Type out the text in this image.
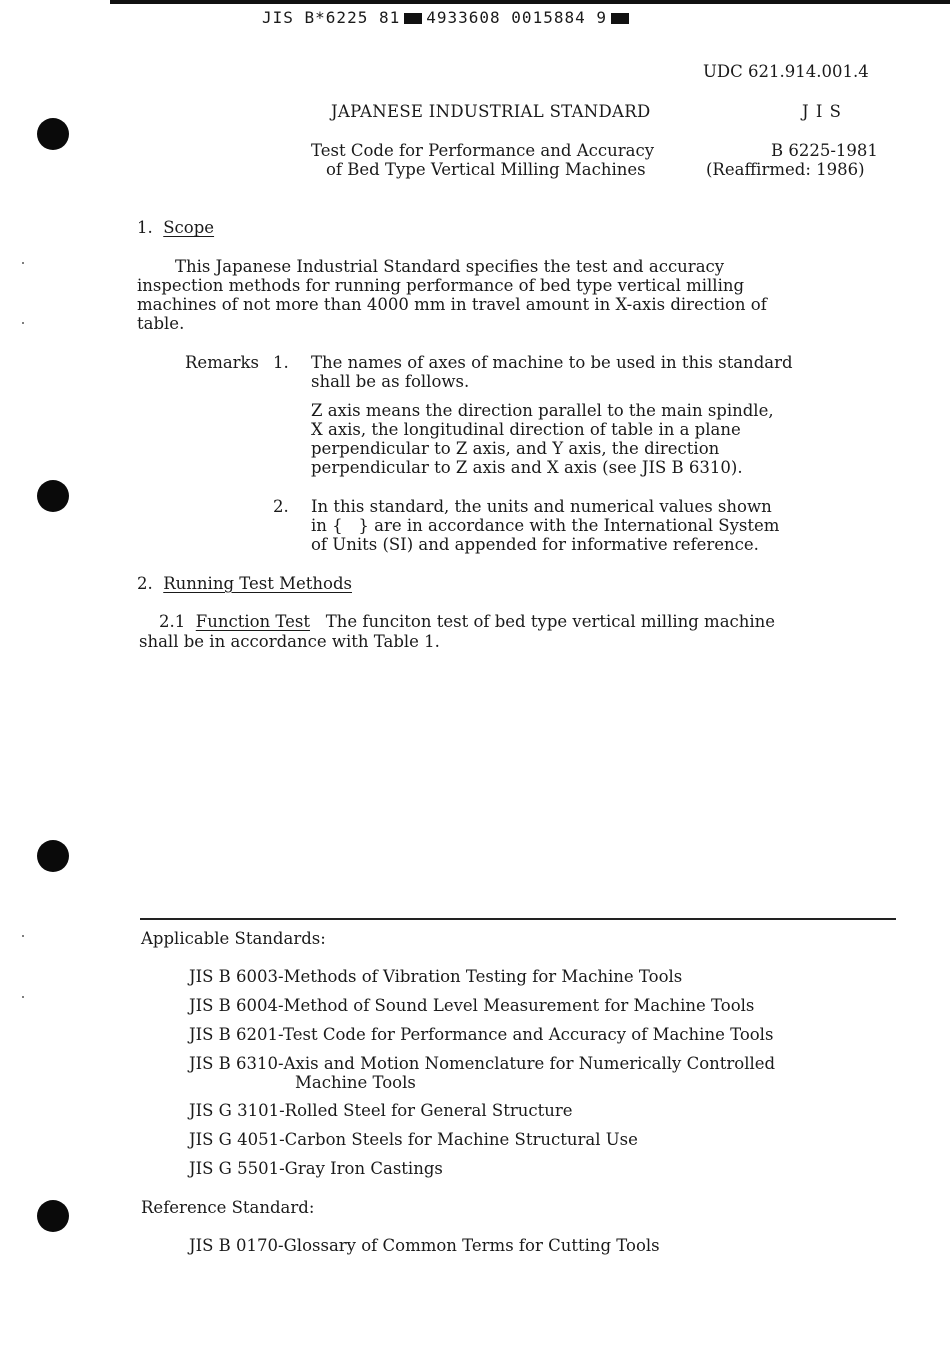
JIS B*6225 81 4933608 0015884 9
UDC 621.914.001.4
JAPANESE INDUSTRIAL STANDARD	J I S
Test Code for Performance and Accuracy
of Bed Type Vertical Milling Machines
B 6225-1981
(Reaffirmed: 1986)
1. Scope
This Japanese Industrial Standard specifies the test and accuracy
inspection methods for running performance of bed type vertical milling
machines of not more than 4000 mm in travel amount in X-axis direction of
table.
Remarks 1. The names of axes of machine to be used in this standard
shall be as follows.
Z axis means the direction parallel to the main spindle,
X axis, the longitudinal direction of table in a plane
perpendicular to Z axis, and Y axis, the direction
perpendicular to Z axis and X axis (see JIS B 6310).
2. In this standard, the units and numerical values shown
in {   } are in accordance with the International System
of Units (SI) and appended for informative reference.
2. Running Test Methods
2.1 Function Test The funciton test of bed type vertical milling machine
shall be in accordance with Table 1.
Applicable Standards:
JIS B 6003-Methods of Vibration Testing for Machine Tools
JIS B 6004-Method of Sound Level Measurement for Machine Tools
JIS B 6201-Test Code for Performance and Accuracy of Machine Tools
JIS B 6310-Axis and Motion Nomenclature for Numerically Controlled
Machine Tools
JIS G 3101-Rolled Steel for General Structure
JIS G 4051-Carbon Steels for Machine Structural Use
JIS G 5501-Gray Iron Castings
Reference Standard:
JIS B 0170-Glossary of Common Terms for Cutting Tools
